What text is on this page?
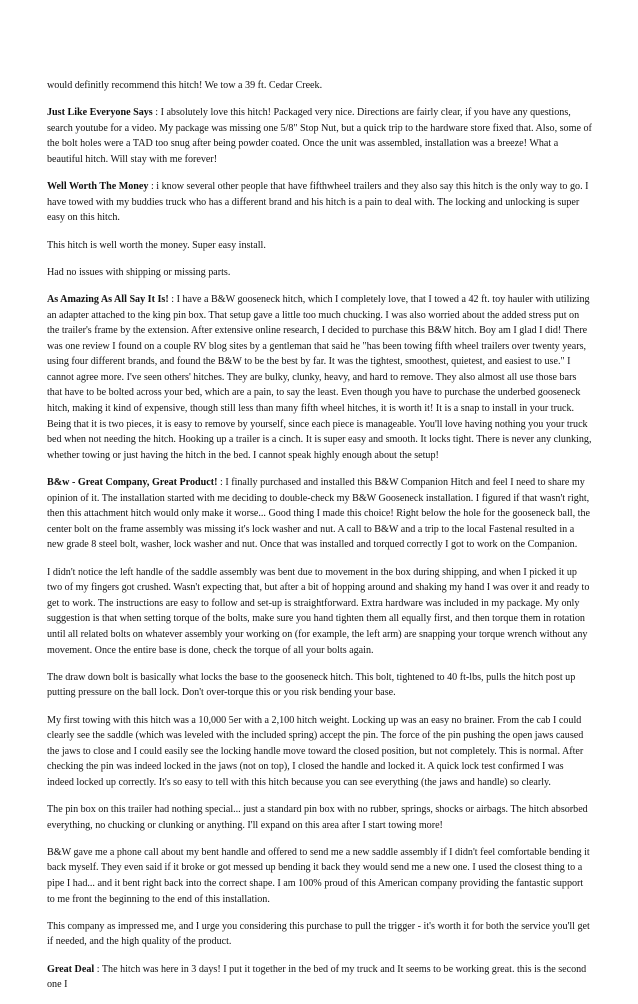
would definitly recommend this hitch! We tow a 39 ft. Cedar Creek.

Just Like Everyone Says : I absolutely love this hitch! Packaged very nice. Directions are fairly clear, if you have any questions, search youtube for a video. My package was missing one 5/8" Stop Nut, but a quick trip to the hardware store fixed that. Also, some of the bolt holes were a TAD too snug after being powder coated. Once the unit was assembled, installation was a breeze! What a beautiful hitch. Will stay with me forever!

Well Worth The Money : i know several other people that have fifthwheel trailers and they also say this hitch is the only way to go. I have towed with my buddies truck who has a different brand and his hitch is a pain to deal with. The locking and unlocking is super easy on this hitch.

This hitch is well worth the money. Super easy install.

Had no issues with shipping or missing parts.

As Amazing As All Say It Is! : I have a B&W gooseneck hitch, which I completely love, that I towed a 42 ft. toy hauler with utilizing an adapter attached to the king pin box. That setup gave a little too much chucking. I was also worried about the added stress put on the trailer's frame by the extension. After extensive online research, I decided to purchase this B&W hitch. Boy am I glad I did! There was one review I found on a couple RV blog sites by a gentleman that said he "has been towing fifth wheel trailers over twenty years, using four different brands, and found the B&W to be the best by far. It was the tightest, smoothest, quietest, and easiest to use." I cannot agree more. I've seen others' hitches. They are bulky, clunky, heavy, and hard to remove. They also almost all use those bars that have to be bolted across your bed, which are a pain, to say the least. Even though you have to purchase the underbed gooseneck hitch, making it kind of expensive, though still less than many fifth wheel hitches, it is worth it! It is a snap to install in your truck. Being that it is two pieces, it is easy to remove by yourself, since each piece is manageable. You'll love having nothing you your truck bed when not needing the hitch. Hooking up a trailer is a cinch. It is super easy and smooth. It locks tight. There is never any clunking, whether towing or just having the hitch in the bed. I cannot speak highly enough about the setup!

B&w - Great Company, Great Product! : I finally purchased and installed this B&W Companion Hitch and feel I need to share my opinion of it. The installation started with me deciding to double-check my B&W Gooseneck installation. I figured if that wasn't right, then this attachment hitch would only make it worse... Good thing I made this choice! Right below the hole for the gooseneck ball, the center bolt on the frame assembly was missing it's lock washer and nut. A call to B&W and a trip to the local Fastenal resulted in a new grade 8 steel bolt, washer, lock washer and nut. Once that was installed and torqued correctly I got to work on the Companion.

I didn't notice the left handle of the saddle assembly was bent due to movement in the box during shipping, and when I picked it up two of my fingers got crushed. Wasn't expecting that, but after a bit of hopping around and shaking my hand I was over it and ready to get to work. The instructions are easy to follow and set-up is straightforward. Extra hardware was included in my package. My only suggestion is that when setting torque of the bolts, make sure you hand tighten them all equally first, and then torque them in rotation until all related bolts on whatever assembly your working on (for example, the left arm) are snapping your torque wrench without any movement. Once the entire base is done, check the torque of all your bolts again.

The draw down bolt is basically what locks the base to the gooseneck hitch. This bolt, tightened to 40 ft-lbs, pulls the hitch post up putting pressure on the ball lock. Don't over-torque this or you risk bending your base.

My first towing with this hitch was a 10,000 5er with a 2,100 hitch weight. Locking up was an easy no brainer. From the cab I could clearly see the saddle (which was leveled with the included spring) accept the pin. The force of the pin pushing the open jaws caused the jaws to close and I could easily see the locking handle move toward the closed position, but not completely. This is normal. After checking the pin was indeed locked in the jaws (not on top), I closed the handle and locked it. A quick lock test confirmed I was indeed locked up correctly. It's so easy to tell with this hitch because you can see everything (the jaws and handle) so clearly.

The pin box on this trailer had nothing special... just a standard pin box with no rubber, springs, shocks or airbags. The hitch absorbed everything, no chucking or clunking or anything. I'll expand on this area after I start towing more!

B&W gave me a phone call about my bent handle and offered to send me a new saddle assembly if I didn't feel comfortable bending it back myself. They even said if it broke or got messed up bending it back they would send me a new one. I used the closest thing to a pipe I had... and it bent right back into the correct shape. I am 100% proud of this American company providing the fantastic support to me front the beginning to the end of this installation.

This company as impressed me, and I urge you considering this purchase to pull the trigger - it's worth it for both the service you'll get if needed, and the high quality of the product.

Great Deal : The hitch was here in 3 days! I put it together in the bed of my truck and It seems to be working great. this is the second one I
